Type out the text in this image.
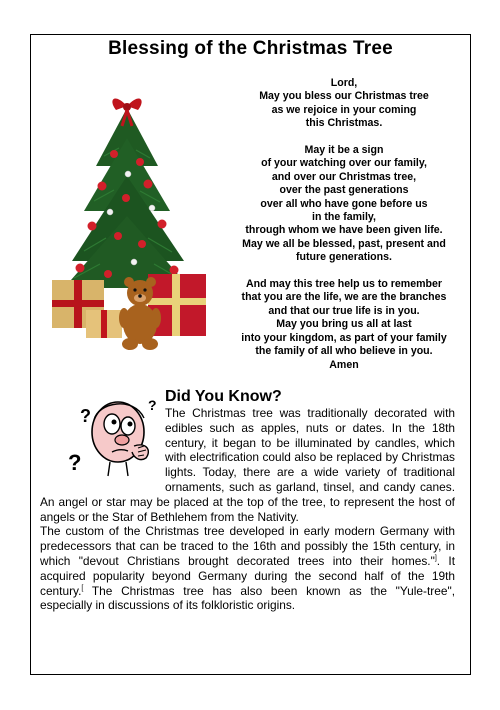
Blessing of the Christmas Tree

Lord,
May you bless our Christmas tree
as we rejoice in your coming
this Christmas.

May it be a sign
of your watching over our family,
and over our Christmas tree,
over the past generations
over all who have gone before us
in the family,
through whom we have been given life.
May we all be blessed, past, present and
future generations.

And may this tree help us to remember
that you are the life, we are the branches
and that our true life is in you.
May you bring us all at last
into your kingdom, as part of your family
the family of all who believe in you.
Amen

?
?
? Did You Know?

The Christmas tree was traditionally decorated with edibles such as apples, nuts or dates. In the 18th century, it began to be illuminated by candles, which with electrification could also be replaced by Christmas lights. Today, there are a wide variety of traditional ornaments, such as garland, tinsel, and candy canes. An angel or star may be placed at the top of the tree, to represent the host of angels or the Star of Bethlehem from the Nativity.

The custom of the Christmas tree developed in early modern Germany with predecessors that can be traced to the 16th and possibly the 15th century, in which "devout Christians brought decorated trees into their homes."]. It acquired popularity beyond Germany during the second half of the 19th century.[ The Christmas tree has also been known as the "Yule-tree", especially in discussions of its folkloristic origins.
